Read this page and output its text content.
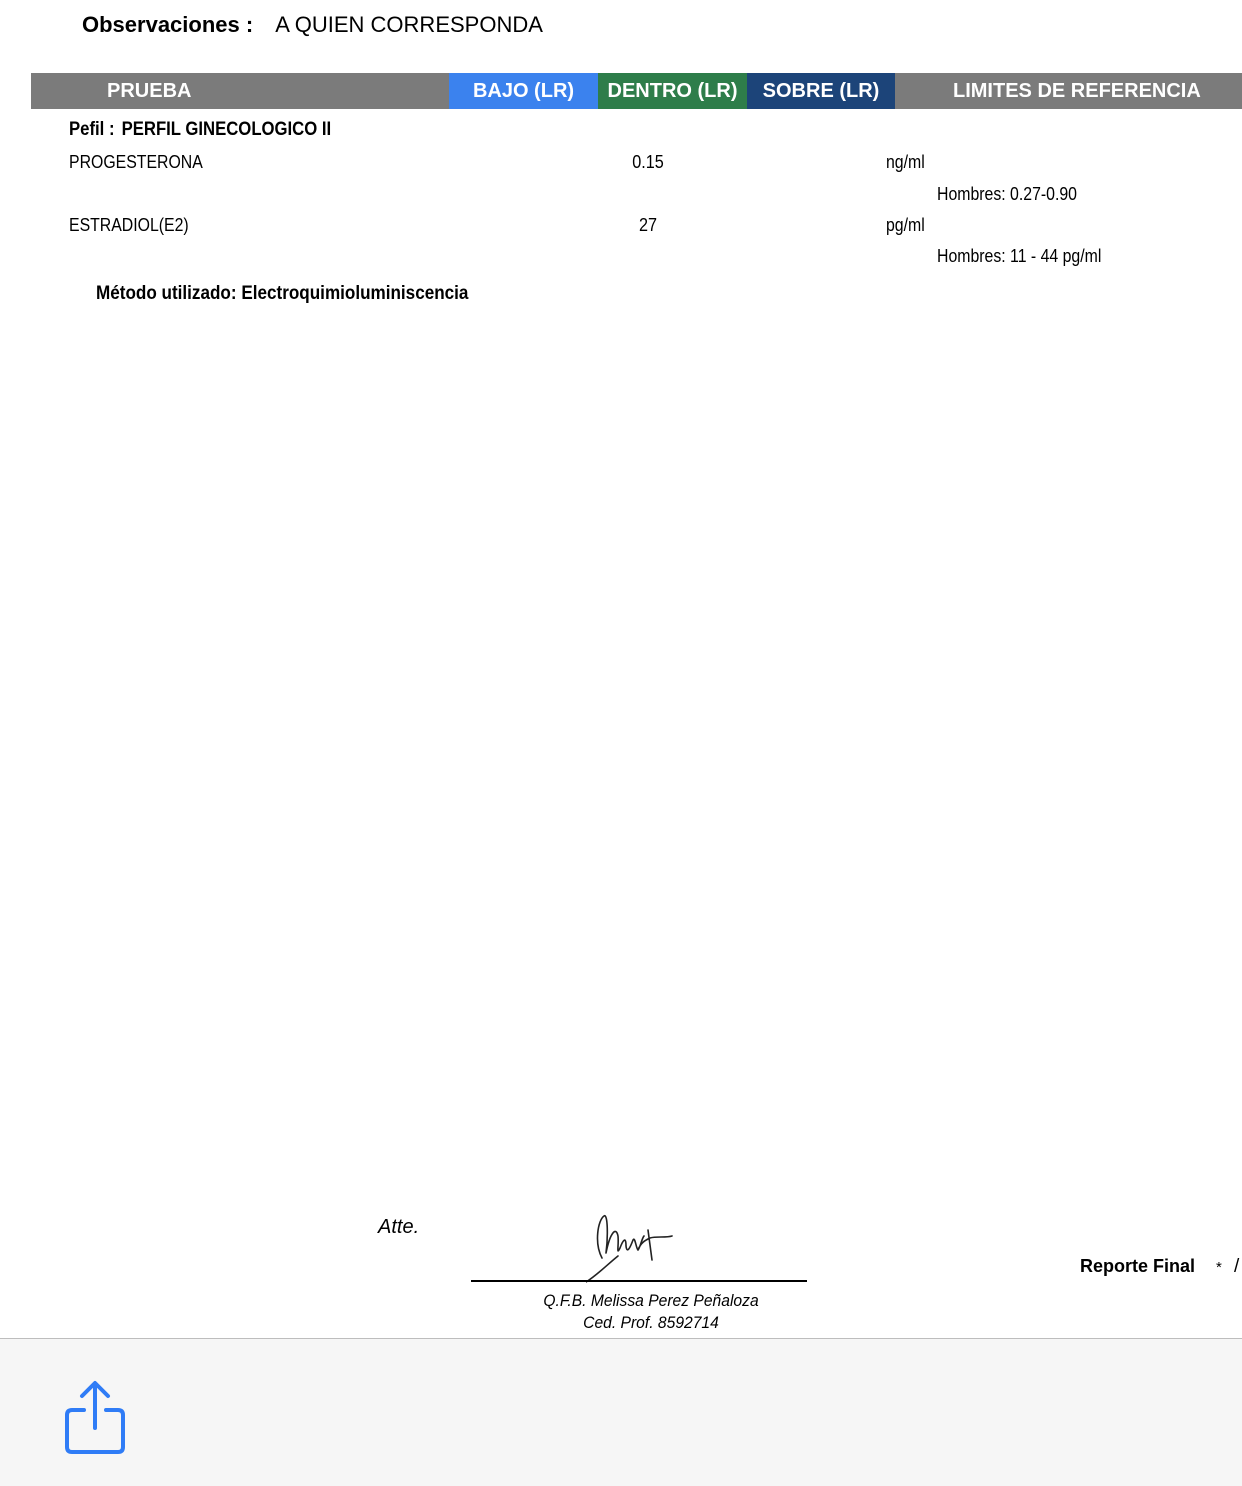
Observaciones : A QUIEN CORRESPONDA
PRUEBA	BAJO (LR)	DENTRO (LR)	SOBRE (LR)	LIMITES DE REFERENCIA
Pefil : PERFIL GINECOLOGICO II
PROGESTERONA	0.15	ng/ml
Hombres: 0.27-0.90
ESTRADIOL(E2)	27	pg/ml
Hombres: 11 - 44 pg/ml
Método utilizado: Electroquimioluminiscencia
Atte.
Q.F.B. Melissa Perez Peñaloza
Ced. Prof. 8592714
Reporte Final * /
